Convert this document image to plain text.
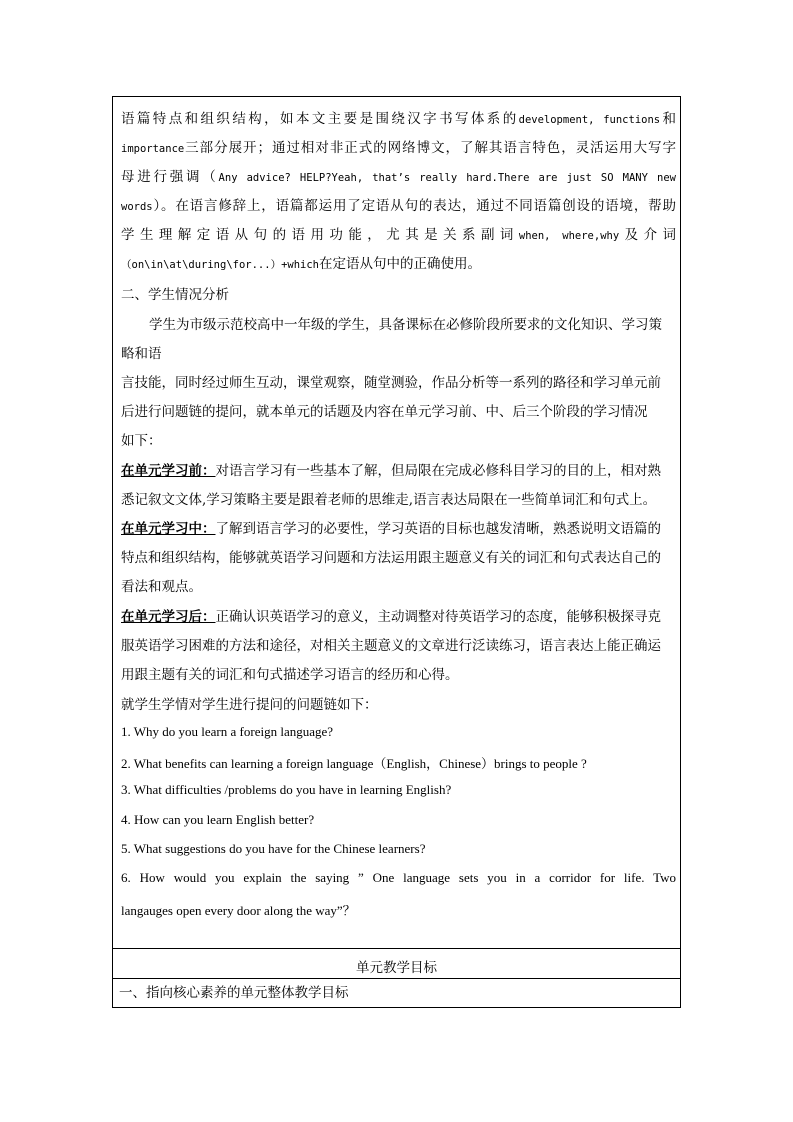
语篇特点和组织结构，如本文主要是围绕汉字书写体系的development, functions和
importance三部分展开；通过相对非正式的网络博文，了解其语言特色，灵活运用大写字
母进行强调（Any advice? HELP?Yeah, that’s really hard.There are just SO MANY new
words）。在语言修辞上，语篇都运用了定语从句的表达，通过不同语篇创设的语境，帮助
学生理解定语从句的语用功能，尤其是关系副词when, where,why及介词
（on\in\at\during\for...）+which在定语从句中的正确使用。
二、学生情况分析
学生为市级示范校高中一年级的学生，具备课标在必修阶段所要求的文化知识、学习策
略和语
言技能，同时经过师生互动，课堂观察，随堂测验，作品分析等一系列的路径和学习单元前
后进行问题链的提问，就本单元的话题及内容在单元学习前、中、后三个阶段的学习情况
如下：
在单元学习前：对语言学习有一些基本了解，但局限在完成必修科目学习的目的上，相对熟
悉记叙文文体,学习策略主要是跟着老师的思维走,语言表达局限在一些简单词汇和句式上。
在单元学习中：了解到语言学习的必要性，学习英语的目标也越发清晰，熟悉说明文语篇的
特点和组织结构，能够就英语学习问题和方法运用跟主题意义有关的词汇和句式表达自己的
看法和观点。
在单元学习后：正确认识英语学习的意义，主动调整对待英语学习的态度，能够积极探寻克
服英语学习困难的方法和途径，对相关主题意义的文章进行泛读练习，语言表达上能正确运
用跟主题有关的词汇和句式描述学习语言的经历和心得。
就学生学情对学生进行提问的问题链如下：
1. Why do you learn a foreign language?
2. What benefits can learning a foreign language（English，Chinese）brings to people ?
3. What difficulties /problems do you have in learning English?
4. How can you learn English better?
5. What suggestions do you have for the Chinese learners?
6. How would you explain the saying ” One language sets you in a corridor for life. Two
langauges open every door along the way”？
单元教学目标
一、指向核心素养的单元整体教学目标
